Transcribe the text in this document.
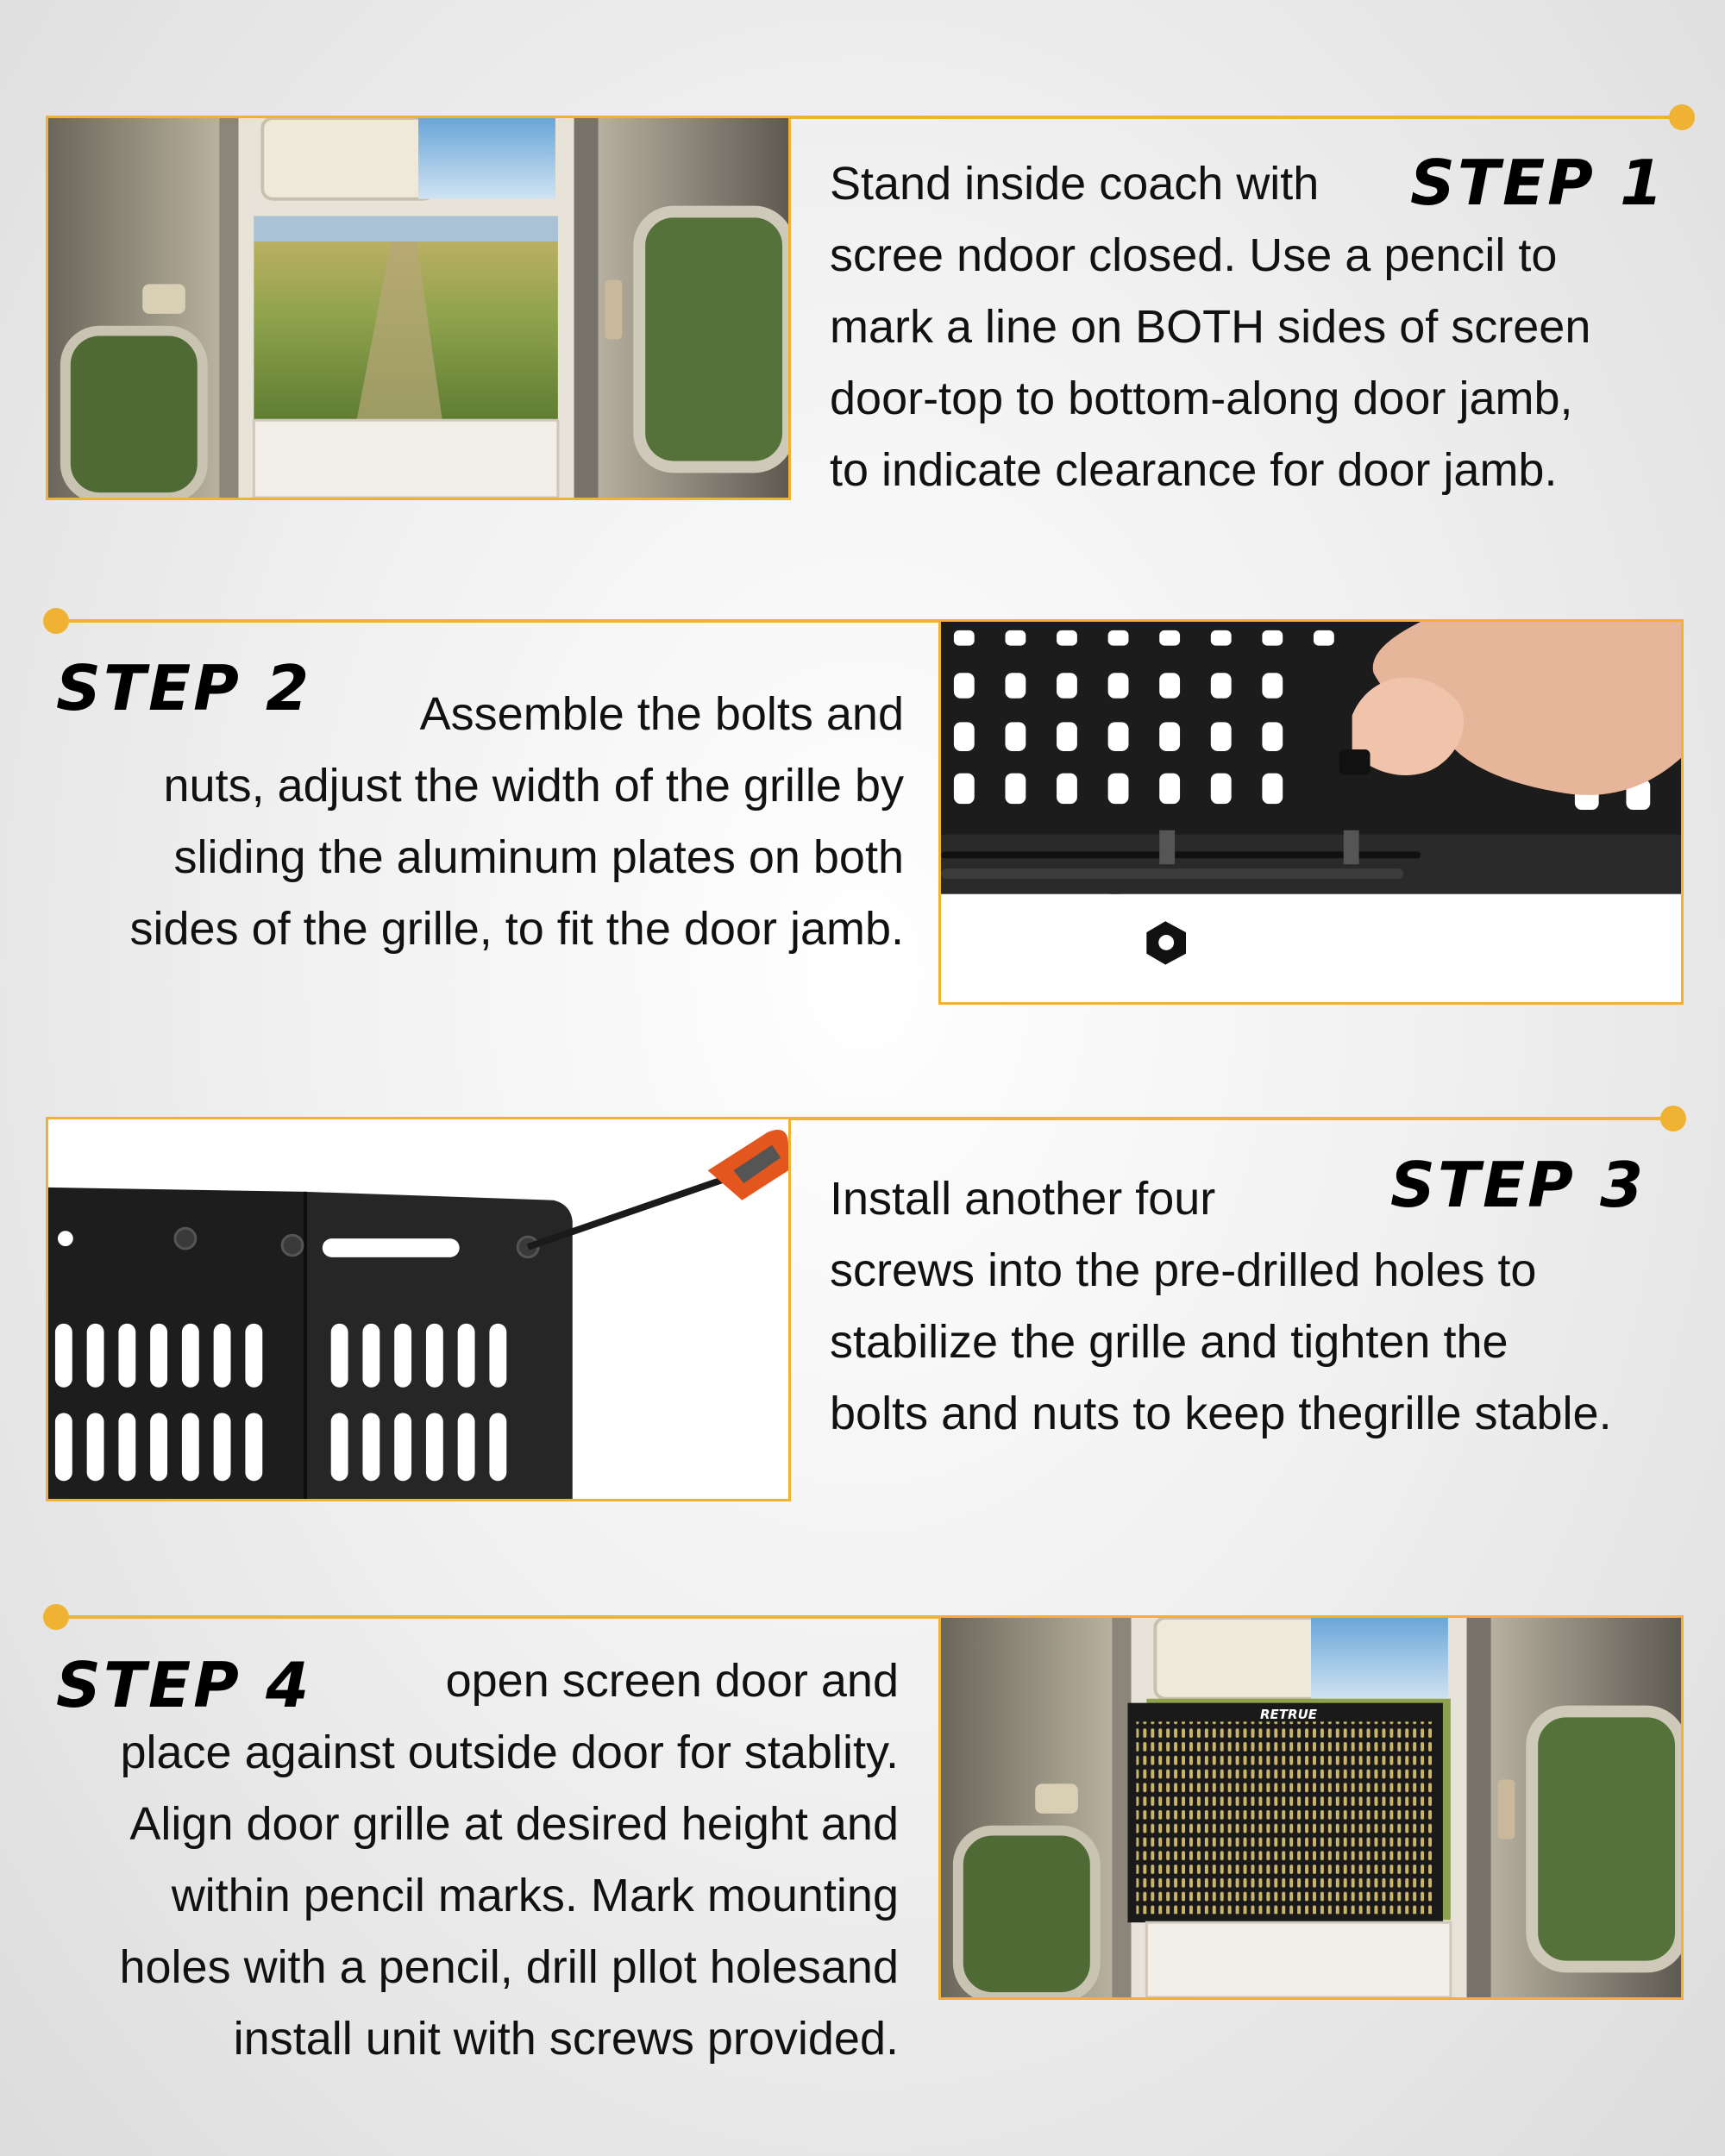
STEP 1

Stand inside coach with
scree ndoor closed. Use a pencil to
mark a line on BOTH sides of screen
door-top to bottom-along door jamb,
to indicate clearance for door jamb.

STEP 2	Assemble the bolts and
nuts, adjust the width of the grille by
sliding the aluminum plates on both
sides of the grille, to fit the door jamb.

STEP 3

Install another four
screws into the pre-drilled holes to
stabilize the grille and tighten the
bolts and nuts to keep thegrille stable.

RETRUE
STEP 4	open screen door and
place against outside door for stablity.
Align door grille at desired height and
within pencil marks. Mark mounting
holes with a pencil, drill pllot holesand
install unit with screws provided.
